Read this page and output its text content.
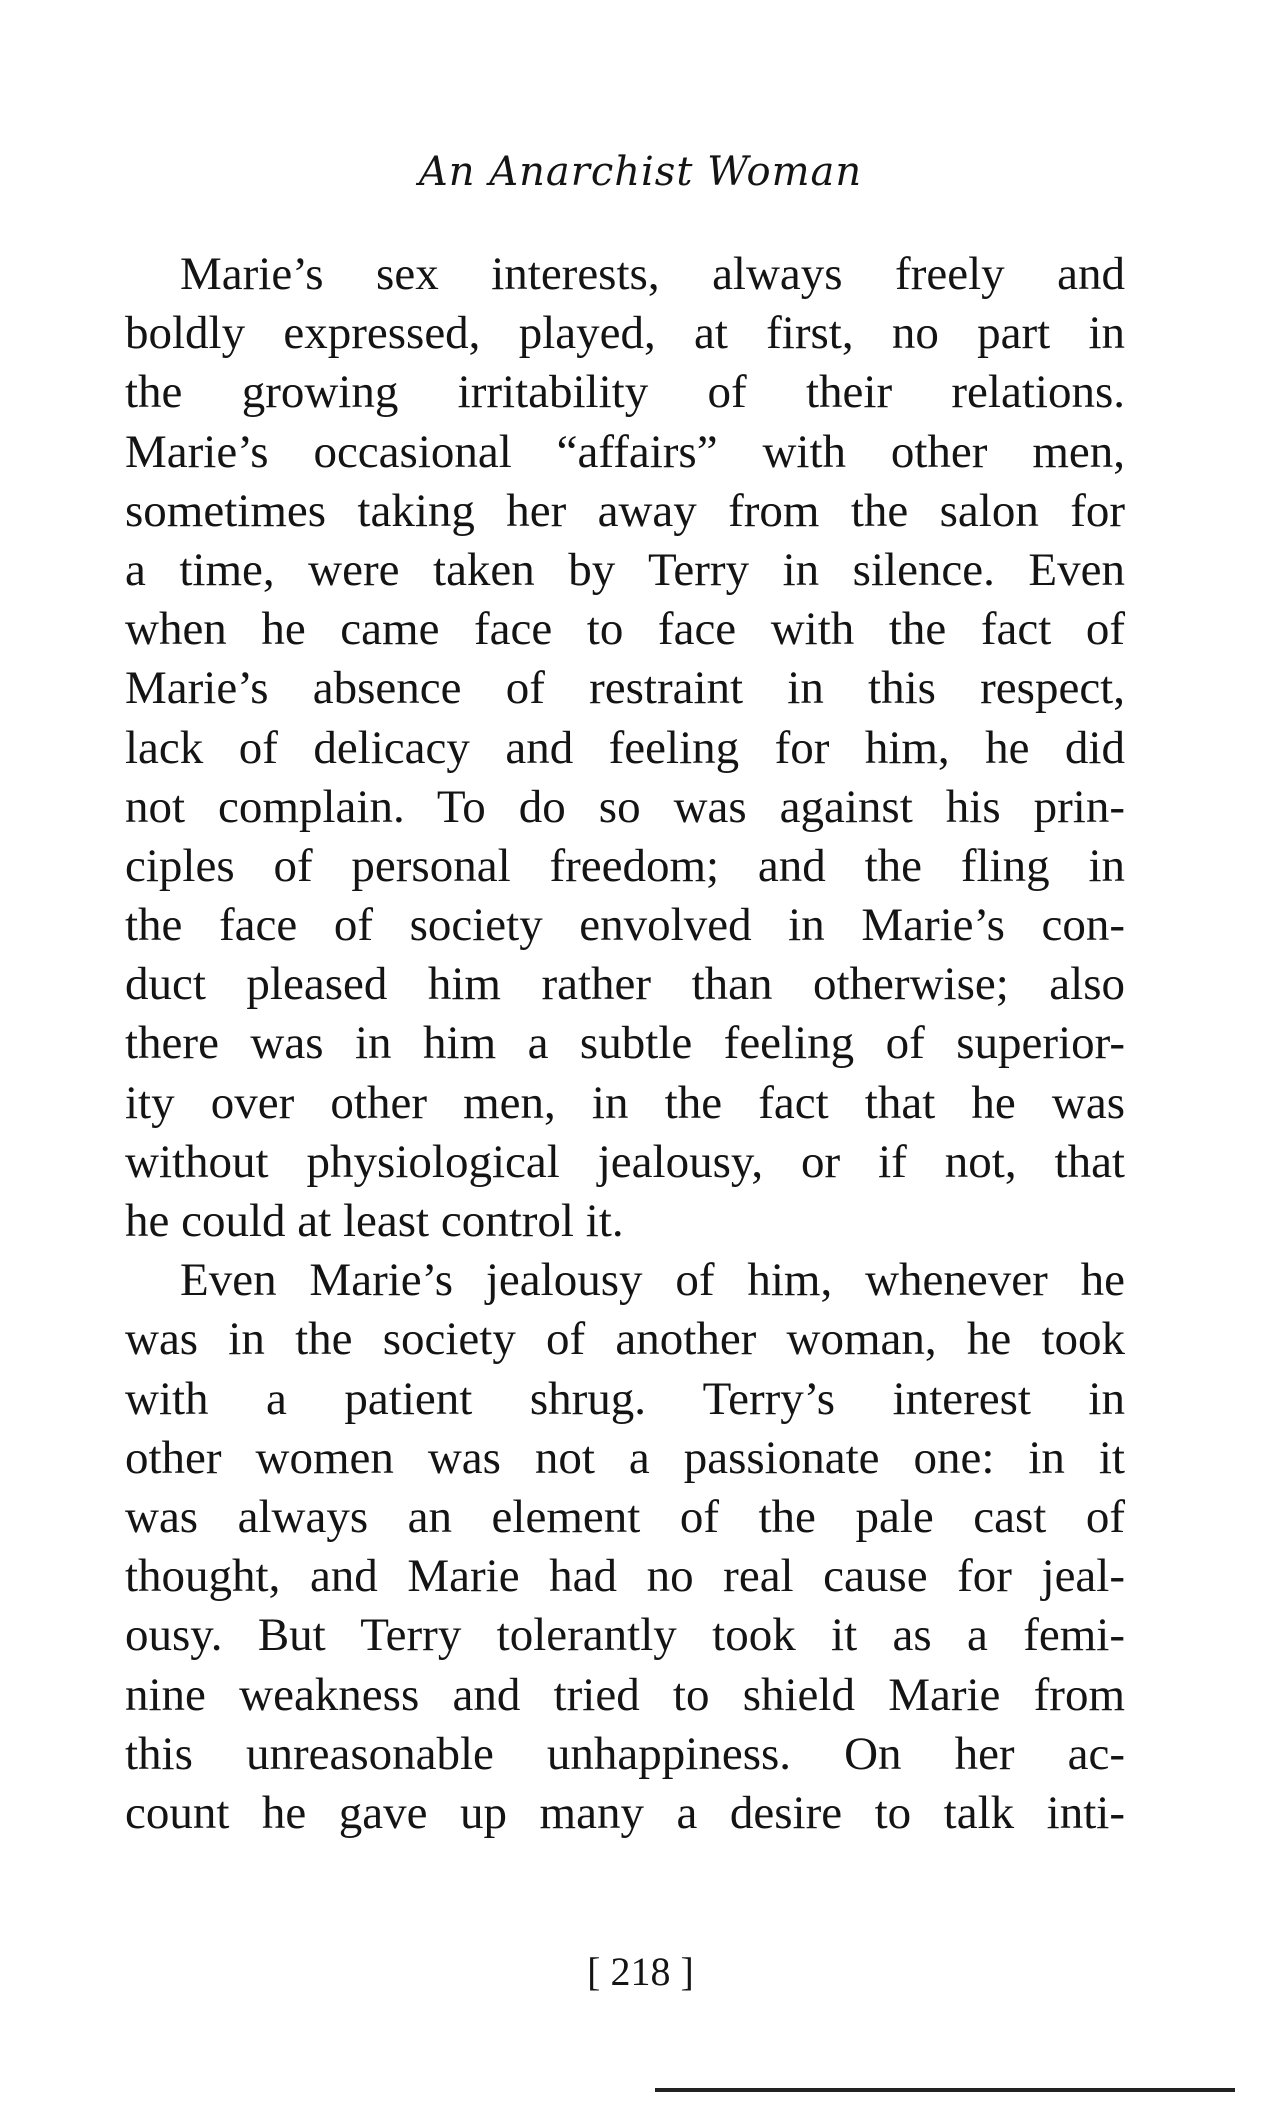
An Anarchist Woman
Marie’s sex interests, always freely and
boldly expressed, played, at first, no part in
the growing irritability of their relations.
Marie’s occasional “affairs” with other men,
sometimes taking her away from the salon for
a time, were taken by Terry in silence. Even
when he came face to face with the fact of
Marie’s absence of restraint in this respect,
lack of delicacy and feeling for him, he did
not complain. To do so was against his prin-
ciples of personal freedom; and the fling in
the face of society envolved in Marie’s con-
duct pleased him rather than otherwise; also
there was in him a subtle feeling of superior-
ity over other men, in the fact that he was
without physiological jealousy, or if not, that
he could at least control it.
Even Marie’s jealousy of him, whenever he
was in the society of another woman, he took
with a patient shrug. Terry’s interest in
other women was not a passionate one: in it
was always an element of the pale cast of
thought, and Marie had no real cause for jeal-
ousy. But Terry tolerantly took it as a femi-
nine weakness and tried to shield Marie from
this unreasonable unhappiness. On her ac-
count he gave up many a desire to talk inti-
[ 218 ]
